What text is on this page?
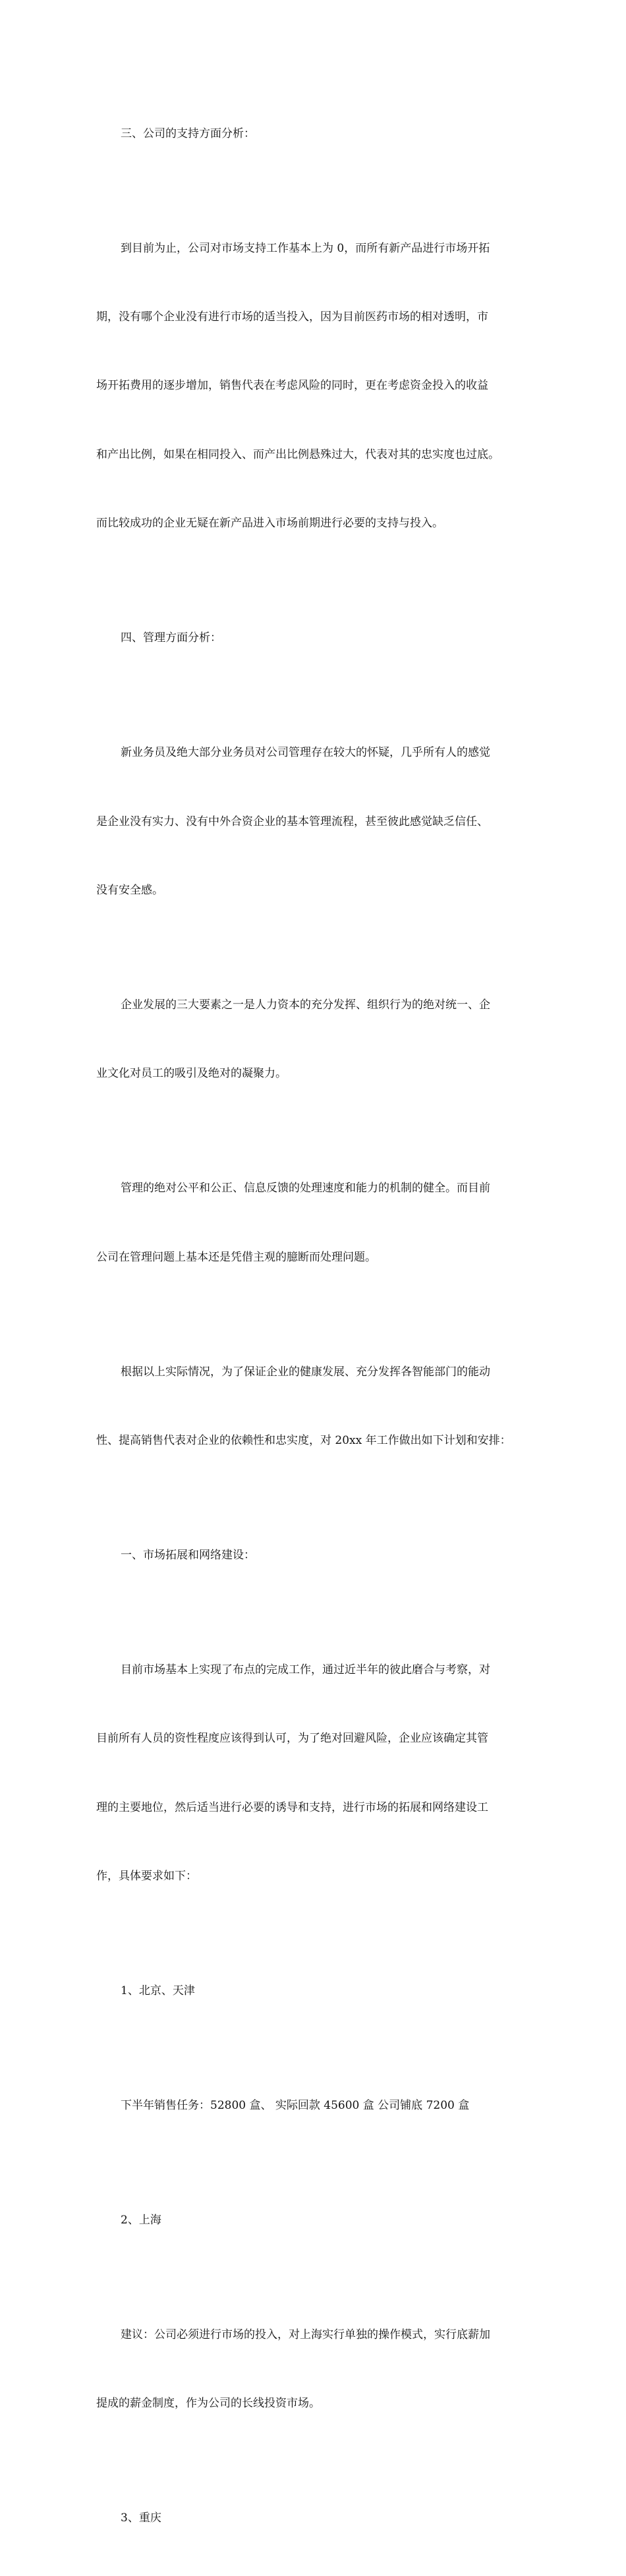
三、公司的支持方面分析：

到目前为止，公司对市场支持工作基本上为 0，而所有新产品进行市场开拓

期，没有哪个企业没有进行市场的适当投入，因为目前医药市场的相对透明，市

场开拓费用的逐步增加，销售代表在考虑风险的同时，更在考虑资金投入的收益

和产出比例，如果在相同投入、而产出比例悬殊过大，代表对其的忠实度也过底。

而比较成功的企业无疑在新产品进入市场前期进行必要的支持与投入。

四、管理方面分析：

新业务员及绝大部分业务员对公司管理存在较大的怀疑，几乎所有人的感觉

是企业没有实力、没有中外合资企业的基本管理流程，甚至彼此感觉缺乏信任、

没有安全感。

企业发展的三大要素之一是人力资本的充分发挥、组织行为的绝对统一、企

业文化对员工的吸引及绝对的凝聚力。

管理的绝对公平和公正、信息反馈的处理速度和能力的机制的健全。而目前

公司在管理问题上基本还是凭借主观的臆断而处理问题。

根据以上实际情况，为了保证企业的健康发展、充分发挥各智能部门的能动

性、提高销售代表对企业的依赖性和忠实度，对 20xx 年工作做出如下计划和安排：

一、市场拓展和网络建设：

目前市场基本上实现了布点的完成工作，通过近半年的彼此磨合与考察，对

目前所有人员的资性程度应该得到认可，为了绝对回避风险，企业应该确定其管

理的主要地位，然后适当进行必要的诱导和支持，进行市场的拓展和网络建设工

作，具体要求如下：

1、北京、天津

下半年销售任务：52800 盒、 实际回款 45600 盒 公司铺底 7200 盒

2、上海

建议：公司必须进行市场的投入，对上海实行单独的操作模式，实行底薪加

提成的薪金制度，作为公司的长线投资市场。

3、重庆
